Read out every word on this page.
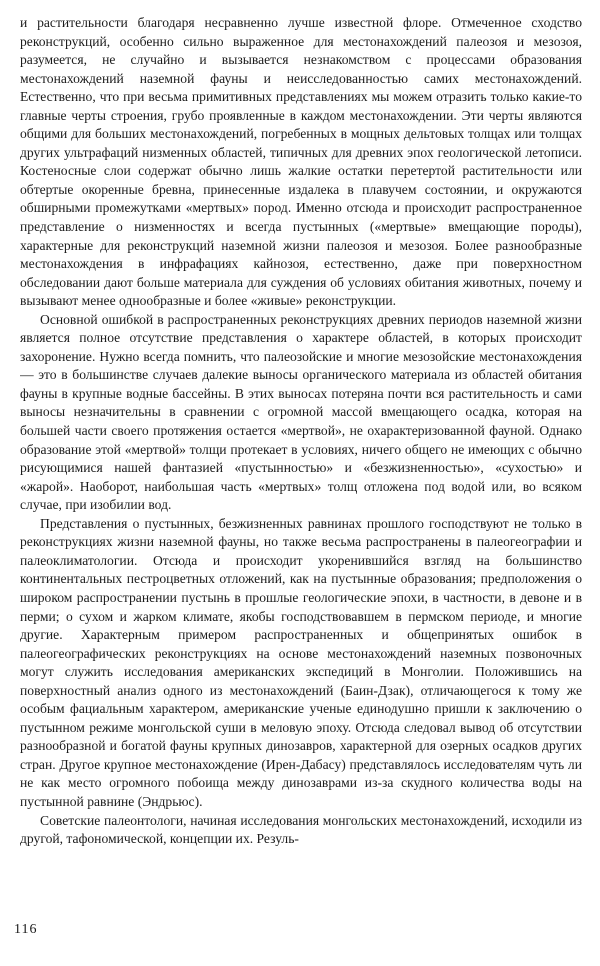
и растительности благодаря несравненно лучше известной флоре. Отмеченное сходство реконструкций, особенно сильно выраженное для местонахождений палеозоя и мезозоя, разумеется, не случайно и вызывается незнакомством с процессами образования местонахождений наземной фауны и неисследованностью самих местонахождений. Естественно, что при весьма примитивных представлениях мы можем отразить только какие-то главные черты строения, грубо проявленные в каждом местонахождении. Эти черты являются общими для больших местонахождений, погребенных в мощных дельтовых толщах или толщах других ультрафаций низменных областей, типичных для древних эпох геологической летописи. Костеносные слои содержат обычно лишь жалкие остатки перетертой растительности или обтертые окоренные бревна, принесенные издалека в плавучем состоянии, и окружаются обширными промежутками «мертвых» пород. Именно отсюда и происходит распространенное представление о низменностях и всегда пустынных («мертвые» вмещающие породы), характерные для реконструкций наземной жизни палеозоя и мезозоя. Более разнообразные местонахождения в инфрафациях кайнозоя, естественно, даже при поверхностном обследовании дают больше материала для суждения об условиях обитания животных, почему и вызывают менее однообразные и более «живые» реконструкции.

Основной ошибкой в распространенных реконструкциях древних периодов наземной жизни является полное отсутствие представления о характере областей, в которых происходит захоронение. Нужно всегда помнить, что палеозойские и многие мезозойские местонахождения — это в большинстве случаев далекие выносы органического материала из областей обитания фауны в крупные водные бассейны. В этих выносах потеряна почти вся растительность и сами выносы незначительны в сравнении с огромной массой вмещающего осадка, которая на большей части своего протяжения остается «мертвой», не охарактеризованной фауной. Однако образование этой «мертвой» толщи протекает в условиях, ничего общего не имеющих с обычно рисующимися нашей фантазией «пустынностью» и «безжизненностью», «сухостью» и «жарой». Наоборот, наибольшая часть «мертвых» толщ отложена под водой или, во всяком случае, при изобилии вод.

Представления о пустынных, безжизненных равнинах прошлого господствуют не только в реконструкциях жизни наземной фауны, но также весьма распространены в палеогеографии и палеоклиматологии. Отсюда и происходит укоренившийся взгляд на большинство континентальных пестроцветных отложений, как на пустынные образования; предположения о широком распространении пустынь в прошлые геологические эпохи, в частности, в девоне и в перми; о сухом и жарком климате, якобы господствовавшем в пермском периоде, и многие другие. Характерным примером распространенных и общепринятых ошибок в палеогеографических реконструкциях на основе местонахождений наземных позвоночных могут служить исследования американских экспедиций в Монголии. Положившись на поверхностный анализ одного из местонахождений (Баин-Дзак), отличающегося к тому же особым фациальным характером, американские ученые единодушно пришли к заключению о пустынном режиме монгольской суши в меловую эпоху. Отсюда следовал вывод об отсутствии разнообразной и богатой фауны крупных динозавров, характерной для озерных осадков других стран. Другое крупное местонахождение (Ирен-Дабасу) представлялось исследователям чуть ли не как место огромного побоища между динозаврами из-за скудного количества воды на пустынной равнине (Эндрьюс).

Советские палеонтологи, начиная исследования монгольских местонахождений, исходили из другой, тафономической, концепции их. Резуль-

116
